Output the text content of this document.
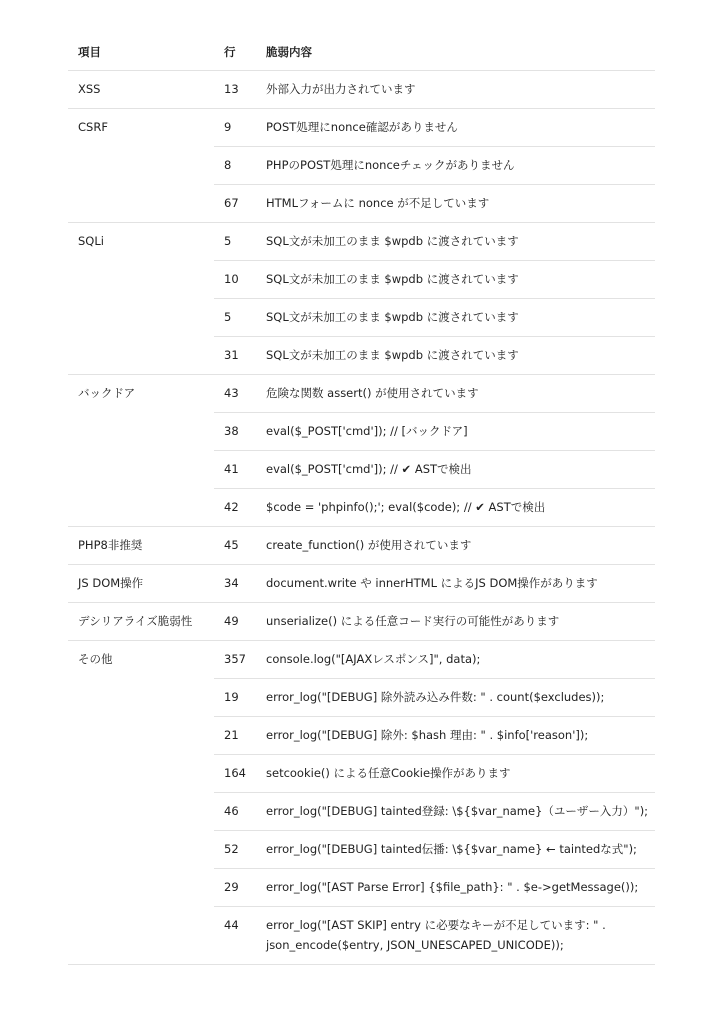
項目	行	脆弱内容
XSS	13	外部入力が出力されています
CSRF	9	POST処理にnonce確認がありません
	8	PHPのPOST処理にnonceチェックがありません
	67	HTMLフォームに nonce が不足しています
SQLi	5	SQL文が未加工のまま $wpdb に渡されています
	10	SQL文が未加工のまま $wpdb に渡されています
	5	SQL文が未加工のまま $wpdb に渡されています
	31	SQL文が未加工のまま $wpdb に渡されています
バックドア	43	危険な関数 assert() が使用されています
	38	eval($_POST['cmd']); // [バックドア]
	41	eval($_POST['cmd']); // ✔ ASTで検出
	42	$code = 'phpinfo();'; eval($code); // ✔ ASTで検出
PHP8非推奨	45	create_function() が使用されています
JS DOM操作	34	document.write や innerHTML によるJS DOM操作があります
デシリアライズ脆弱性	49	unserialize() による任意コード実行の可能性があります
その他	357	console.log("[AJAXレスポンス]", data);
	19	error_log("[DEBUG] 除外読み込み件数: " . count($excludes));
	21	error_log("[DEBUG] 除外: $hash 理由: " . $info['reason']);
	164	setcookie() による任意Cookie操作があります
	46	error_log("[DEBUG] tainted登録: \${$var_name}（ユーザー入力）");
	52	error_log("[DEBUG] tainted伝播: \${$var_name} ← taintedな式");
	29	error_log("[AST Parse Error] {$file_path}: " . $e->getMessage());
	44	error_log("[AST SKIP] entry に必要なキーが不足しています: " . json_encode($entry, JSON_UNESCAPED_UNICODE));
